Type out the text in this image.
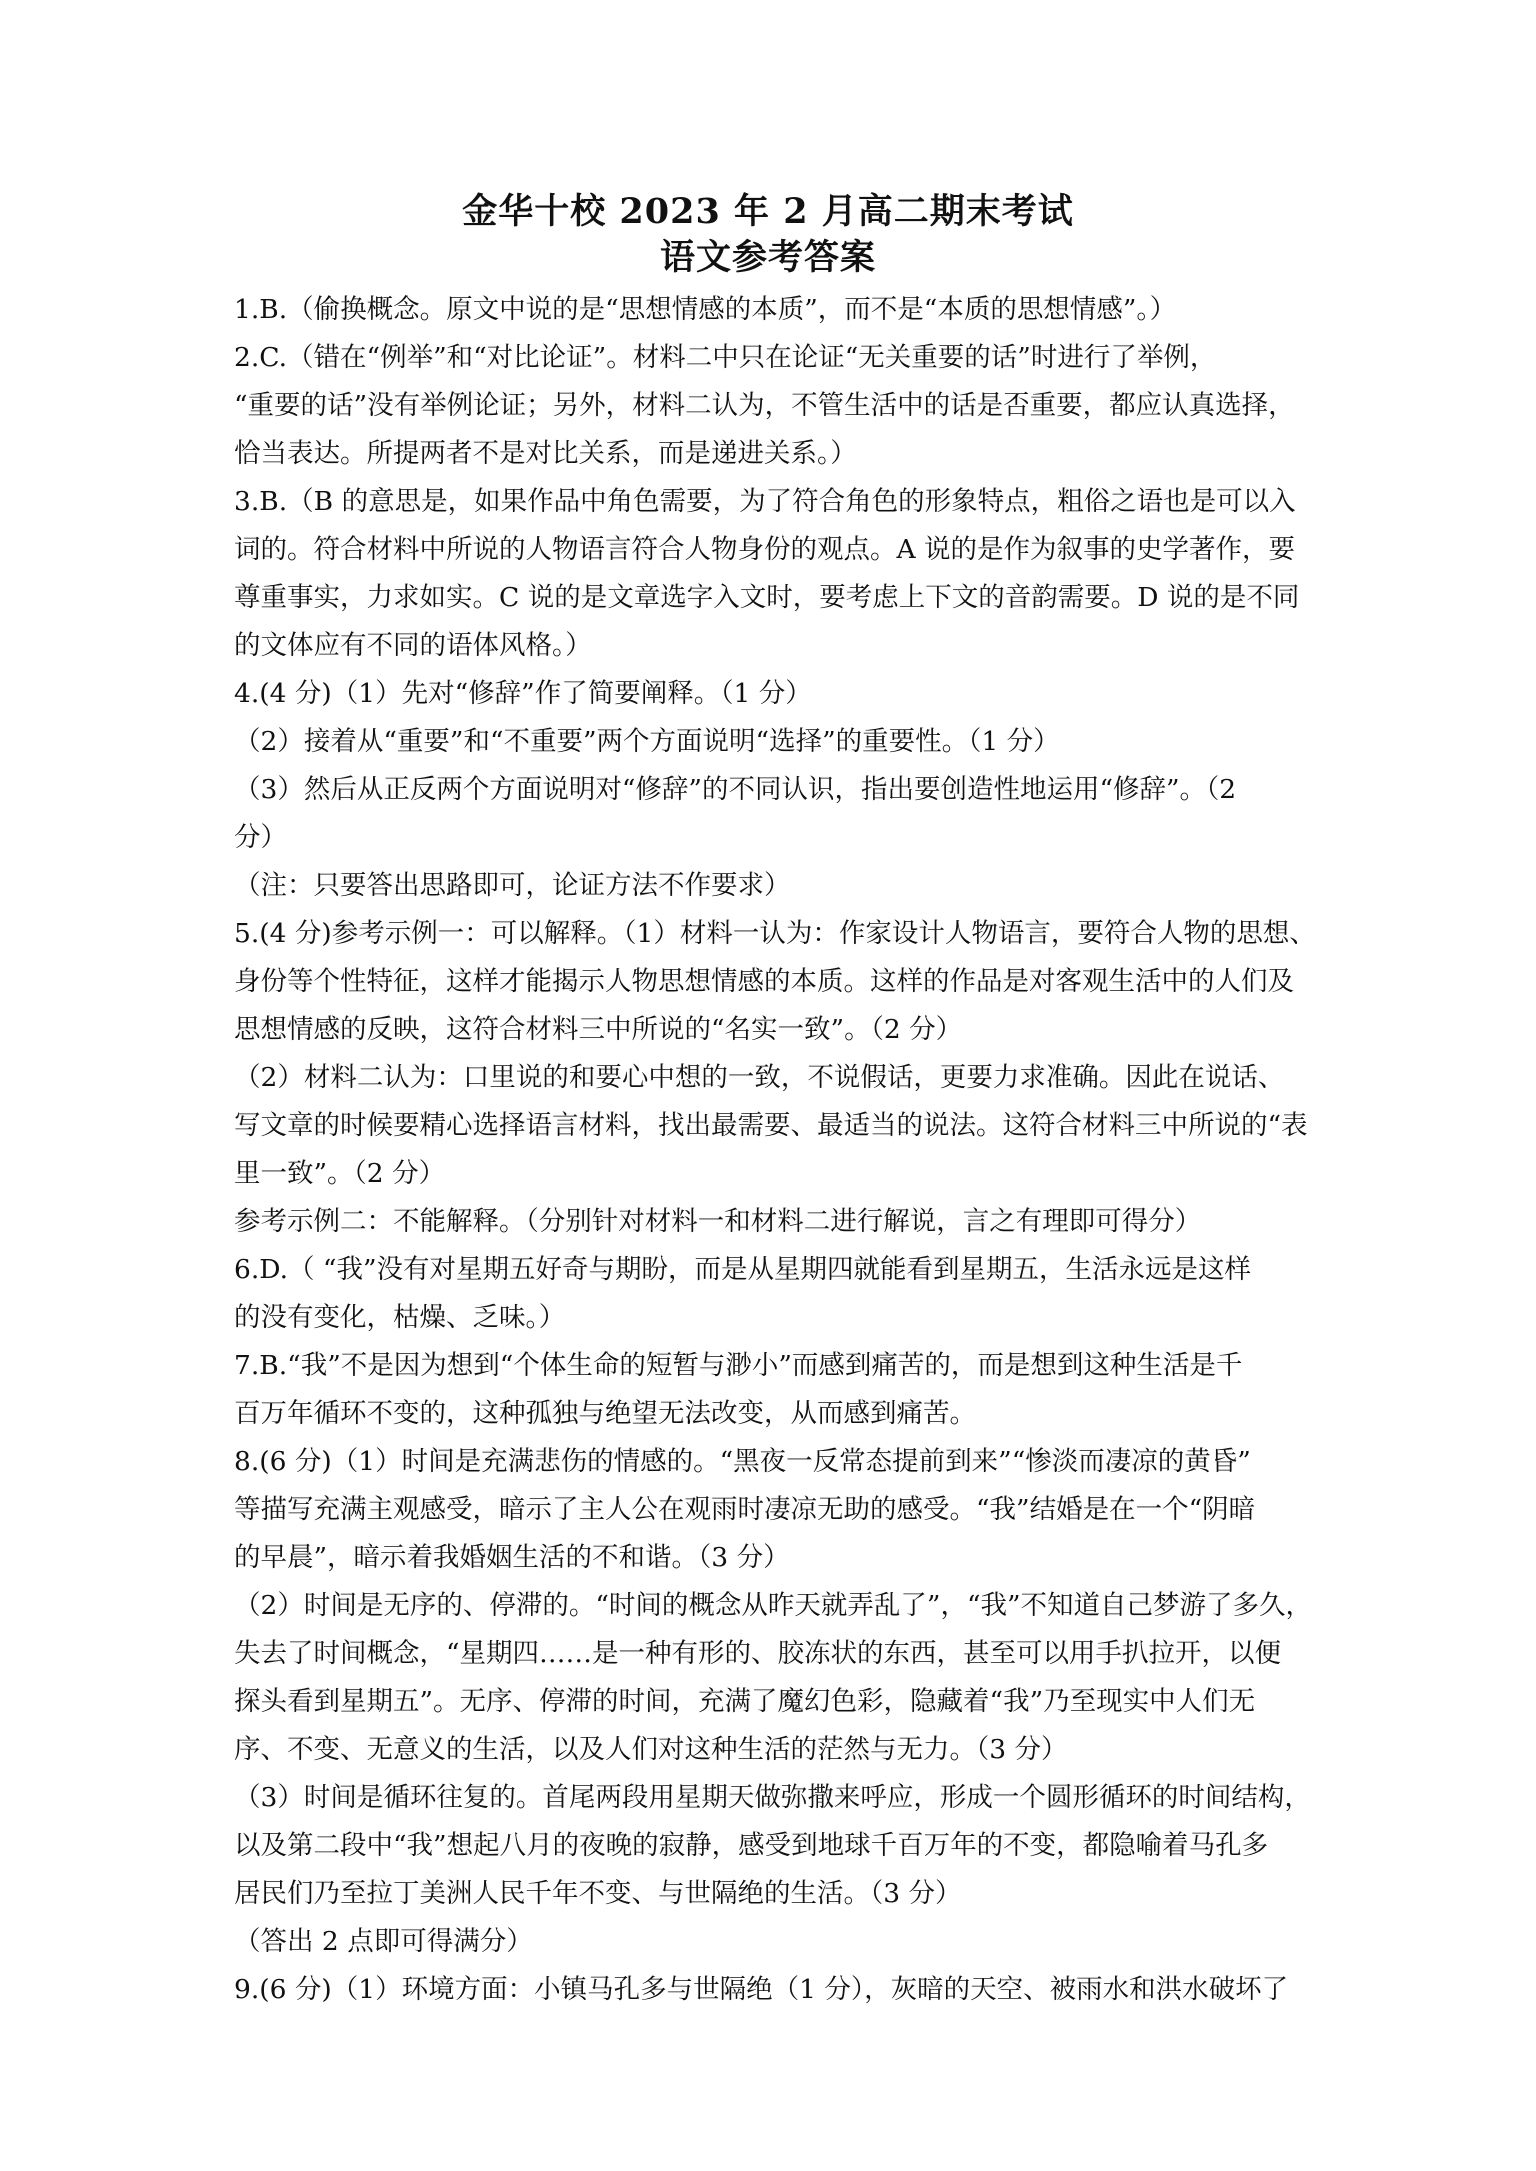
金华十校 2023 年 2 月高二期末考试
语文参考答案
1.B.（偷换概念。原文中说的是“思想情感的本质”，而不是“本质的思想情感”。）
2.C.（错在“例举”和“对比论证”。材料二中只在论证“无关重要的话”时进行了举例，
“重要的话”没有举例论证；另外，材料二认为，不管生活中的话是否重要，都应认真选择，
恰当表达。所提两者不是对比关系，而是递进关系。）
3.B.（B 的意思是，如果作品中角色需要，为了符合角色的形象特点，粗俗之语也是可以入
词的。符合材料中所说的人物语言符合人物身份的观点。A 说的是作为叙事的史学著作，要
尊重事实，力求如实。C 说的是文章选字入文时，要考虑上下文的音韵需要。D 说的是不同
的文体应有不同的语体风格。）
4.(4 分)（1）先对“修辞”作了简要阐释。（1 分）
（2）接着从“重要”和“不重要”两个方面说明“选择”的重要性。（1 分）
（3）然后从正反两个方面说明对“修辞”的不同认识，指出要创造性地运用“修辞”。（2
分）
（注：只要答出思路即可，论证方法不作要求）
5.(4 分)参考示例一：可以解释。（1）材料一认为：作家设计人物语言，要符合人物的思想、
身份等个性特征，这样才能揭示人物思想情感的本质。这样的作品是对客观生活中的人们及
思想情感的反映，这符合材料三中所说的“名实一致”。（2 分）
（2）材料二认为：口里说的和要心中想的一致，不说假话，更要力求准确。因此在说话、
写文章的时候要精心选择语言材料，找出最需要、最适当的说法。这符合材料三中所说的“表
里一致”。（2 分）
参考示例二：不能解释。（分别针对材料一和材料二进行解说，言之有理即可得分）
6.D.（ “我”没有对星期五好奇与期盼，而是从星期四就能看到星期五，生活永远是这样
的没有变化，枯燥、乏味。）
7.B.“我”不是因为想到“个体生命的短暂与渺小”而感到痛苦的，而是想到这种生活是千
百万年循环不变的，这种孤独与绝望无法改变，从而感到痛苦。
8.(6 分)（1）时间是充满悲伤的情感的。“黑夜一反常态提前到来”“惨淡而凄凉的黄昏”
等描写充满主观感受，暗示了主人公在观雨时凄凉无助的感受。“我”结婚是在一个“阴暗
的早晨”，暗示着我婚姻生活的不和谐。（3 分）
（2）时间是无序的、停滞的。“时间的概念从昨天就弄乱了”，“我”不知道自己梦游了多久，
失去了时间概念，“星期四……是一种有形的、胶冻状的东西，甚至可以用手扒拉开，以便
探头看到星期五”。无序、停滞的时间，充满了魔幻色彩，隐藏着“我”乃至现实中人们无
序、不变、无意义的生活，以及人们对这种生活的茫然与无力。（3 分）
（3）时间是循环往复的。首尾两段用星期天做弥撒来呼应，形成一个圆形循环的时间结构，
以及第二段中“我”想起八月的夜晚的寂静，感受到地球千百万年的不变，都隐喻着马孔多
居民们乃至拉丁美洲人民千年不变、与世隔绝的生活。（3 分）
（答出 2 点即可得满分）
9.(6 分)（1）环境方面：小镇马孔多与世隔绝（1 分），灰暗的天空、被雨水和洪水破坏了
